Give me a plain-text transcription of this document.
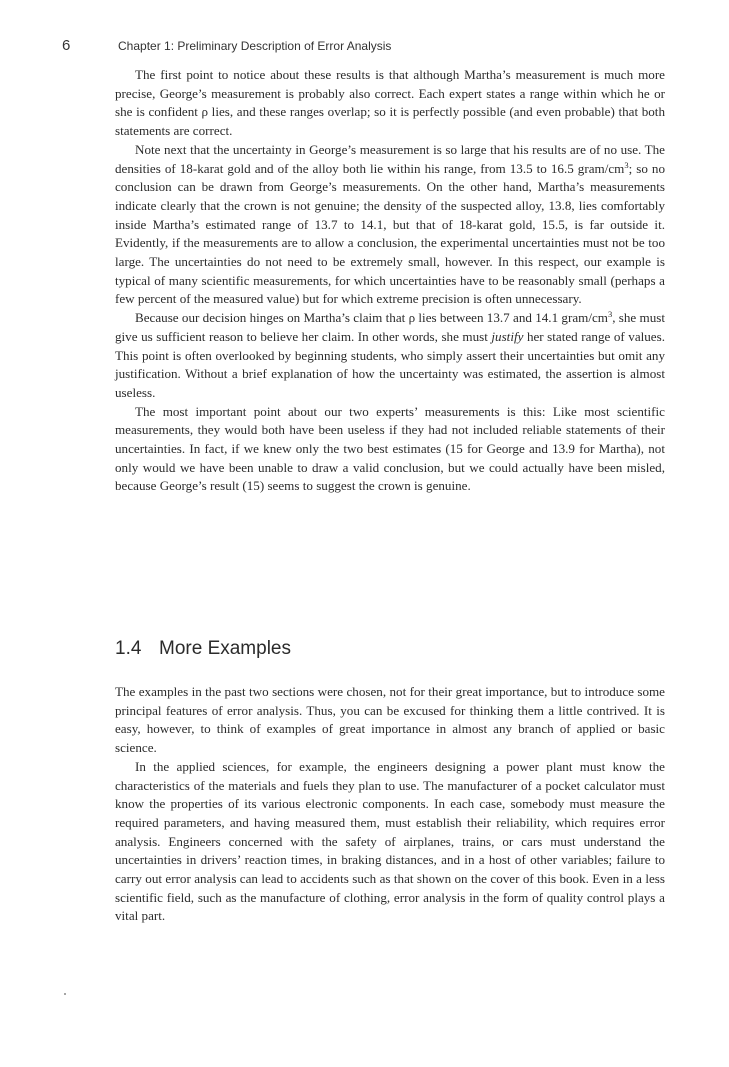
6	Chapter 1: Preliminary Description of Error Analysis

The first point to notice about these results is that although Martha’s measurement is much more precise, George’s measurement is probably also correct. Each expert states a range within which he or she is confident ρ lies, and these ranges overlap; so it is perfectly possible (and even probable) that both statements are correct.

Note next that the uncertainty in George’s measurement is so large that his results are of no use. The densities of 18-karat gold and of the alloy both lie within his range, from 13.5 to 16.5 gram/$cm^3$; so no conclusion can be drawn from George’s measurements. On the other hand, Martha’s measurements indicate clearly that the crown is not genuine; the density of the suspected alloy, 13.8, lies comfortably inside Martha’s estimated range of 13.7 to 14.1, but that of 18-karat gold, 15.5, is far outside it. Evidently, if the measurements are to allow a conclusion, the experimental uncertainties must not be too large. The uncertainties do not need to be extremely small, however. In this respect, our example is typical of many scientific measurements, for which uncertainties have to be reasonably small (perhaps a few percent of the measured value) but for which extreme precision is often unnecessary.

Because our decision hinges on Martha’s claim that ρ lies between 13.7 and 14.1 gram/$cm^3$, she must give us sufficient reason to believe her claim. In other words, she must justify her stated range of values. This point is often overlooked by beginning students, who simply assert their uncertainties but omit any justification. Without a brief explanation of how the uncertainty was estimated, the assertion is almost useless.

The most important point about our two experts’ measurements is this: Like most scientific measurements, they would both have been useless if they had not included reliable statements of their uncertainties. In fact, if we knew only the two best estimates (15 for George and 13.9 for Martha), not only would we have been unable to draw a valid conclusion, but we could actually have been misled, because George’s result (15) seems to suggest the crown is genuine.

1.4 More Examples

The examples in the past two sections were chosen, not for their great importance, but to introduce some principal features of error analysis. Thus, you can be excused for thinking them a little contrived. It is easy, however, to think of examples of great importance in almost any branch of applied or basic science.

In the applied sciences, for example, the engineers designing a power plant must know the characteristics of the materials and fuels they plan to use. The manufacturer of a pocket calculator must know the properties of its various electronic components. In each case, somebody must measure the required parameters, and having measured them, must establish their reliability, which requires error analysis. Engineers concerned with the safety of airplanes, trains, or cars must understand the uncertainties in drivers’ reaction times, in braking distances, and in a host of other variables; failure to carry out error analysis can lead to accidents such as that shown on the cover of this book. Even in a less scientific field, such as the manufacture of clothing, error analysis in the form of quality control plays a vital part.
